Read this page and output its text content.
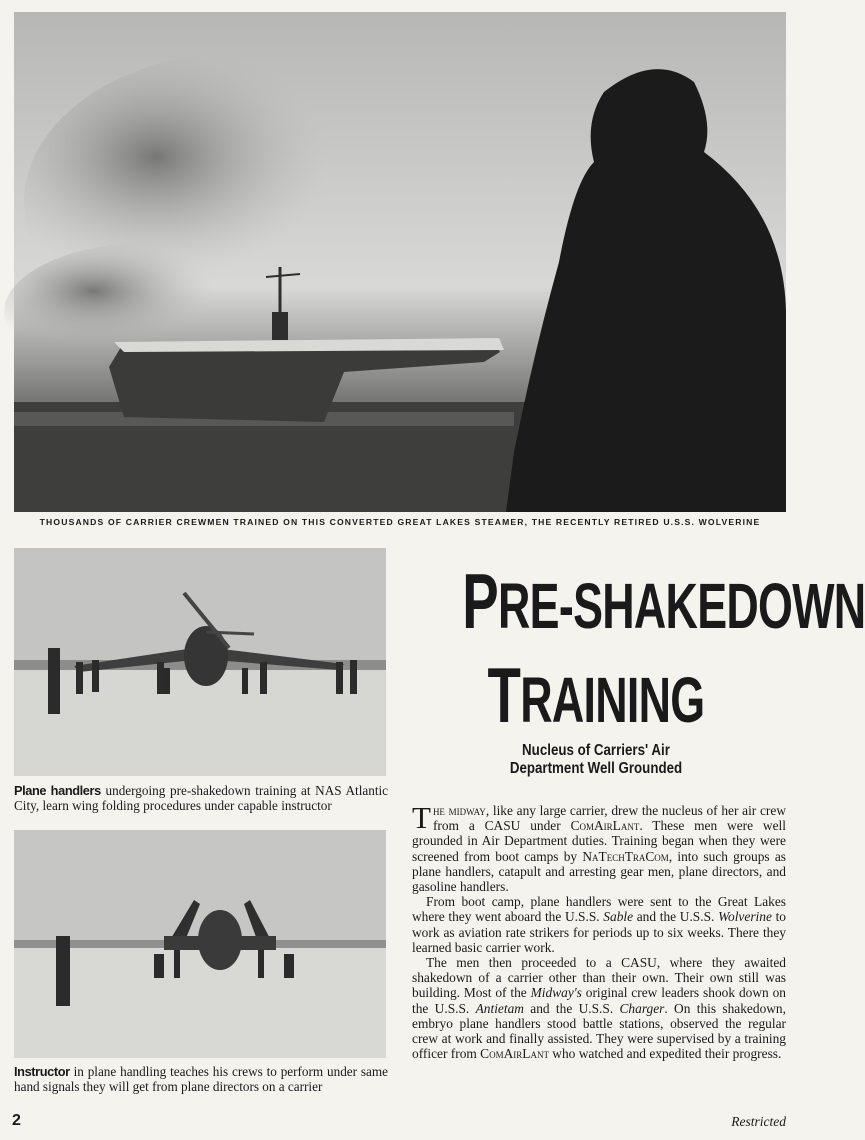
THOUSANDS OF CARRIER CREWMEN TRAINED ON THIS CONVERTED GREAT LAKES STEAMER, THE RECENTLY RETIRED U.S.S. WOLVERINE
Plane handlers undergoing pre-shakedown training at NAS Atlantic City, learn wing folding procedures under capable instructor
Instructor in plane handling teaches his crews to perform under same hand signals they will get from plane directors on a carrier
PRE-SHAKEDOWN
TRAINING
Nucleus of Carriers' Air
Department Well Grounded

The midway, like any large carrier, drew the nucleus of her air crew from a CASU under ComAirLant. These men were well grounded in Air Department duties. Training began when they were screened from boot camps by NaTechTraCom, into such groups as plane handlers, catapult and arresting gear men, plane directors, and gasoline handlers.

From boot camp, plane handlers were sent to the Great Lakes where they went aboard the U.S.S. Sable and the U.S.S. Wolverine to work as aviation rate strikers for periods up to six weeks. There they learned basic carrier work.

The men then proceeded to a CASU, where they awaited shakedown of a carrier other than their own. Their own still was building. Most of the Midway's original crew leaders shook down on the U.S.S. Antietam and the U.S.S. Charger. On this shakedown, embryo plane handlers stood battle stations, observed the regular crew at work and finally assisted. They were supervised by a training officer from ComAirLant who watched and expedited their progress.

2	Restricted
